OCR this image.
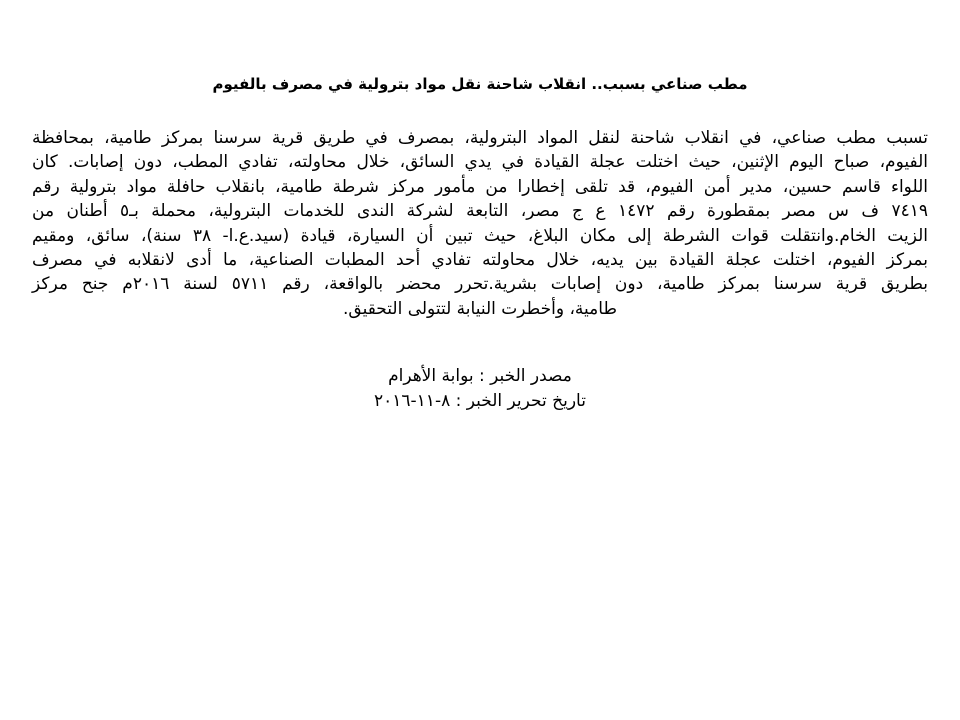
مطب صناعي بسبب.. انقلاب شاحنة نقل مواد بترولية في مصرف بالفيوم
تسبب مطب صناعي، في انقلاب شاحنة لنقل المواد البترولية، بمصرف في طريق قرية سرسنا بمركز طامية، بمحافظة
الفيوم، صباح اليوم الإثنين، حيث اختلت عجلة القيادة في يدي السائق، خلال محاولته، تفادي المطب، دون إصابات. كان
اللواء قاسم حسين، مدير أمن الفيوم، قد تلقى إخطارا من مأمور مركز شرطة طامية، بانقلاب حافلة مواد بترولية رقم
٧٤١٩ ف س مصر بمقطورة رقم ١٤٧٢ ع ج مصر، التابعة لشركة الندى للخدمات البترولية، محملة بـ٥ أطنان من
الزيت الخام.وانتقلت قوات الشرطة إلى مكان البلاغ، حيث تبين أن السيارة، قيادة (سيد.ع.ا- ٣٨ سنة)، سائق، ومقيم
بمركز الفيوم، اختلت عجلة القيادة بين يديه، خلال محاولته تفادي أحد المطبات الصناعية، ما أدى لانقلابه في مصرف
بطريق قرية سرسنا بمركز طامية، دون إصابات بشرية.تحرر محضر بالواقعة، رقم ٥٧١١ لسنة ٢٠١٦م جنح مركز
طامية، وأخطرت النيابة لتتولى التحقيق.
مصدر الخبر : بوابة الأهرام
تاريخ تحرير الخبر : ٨-١١-٢٠١٦
